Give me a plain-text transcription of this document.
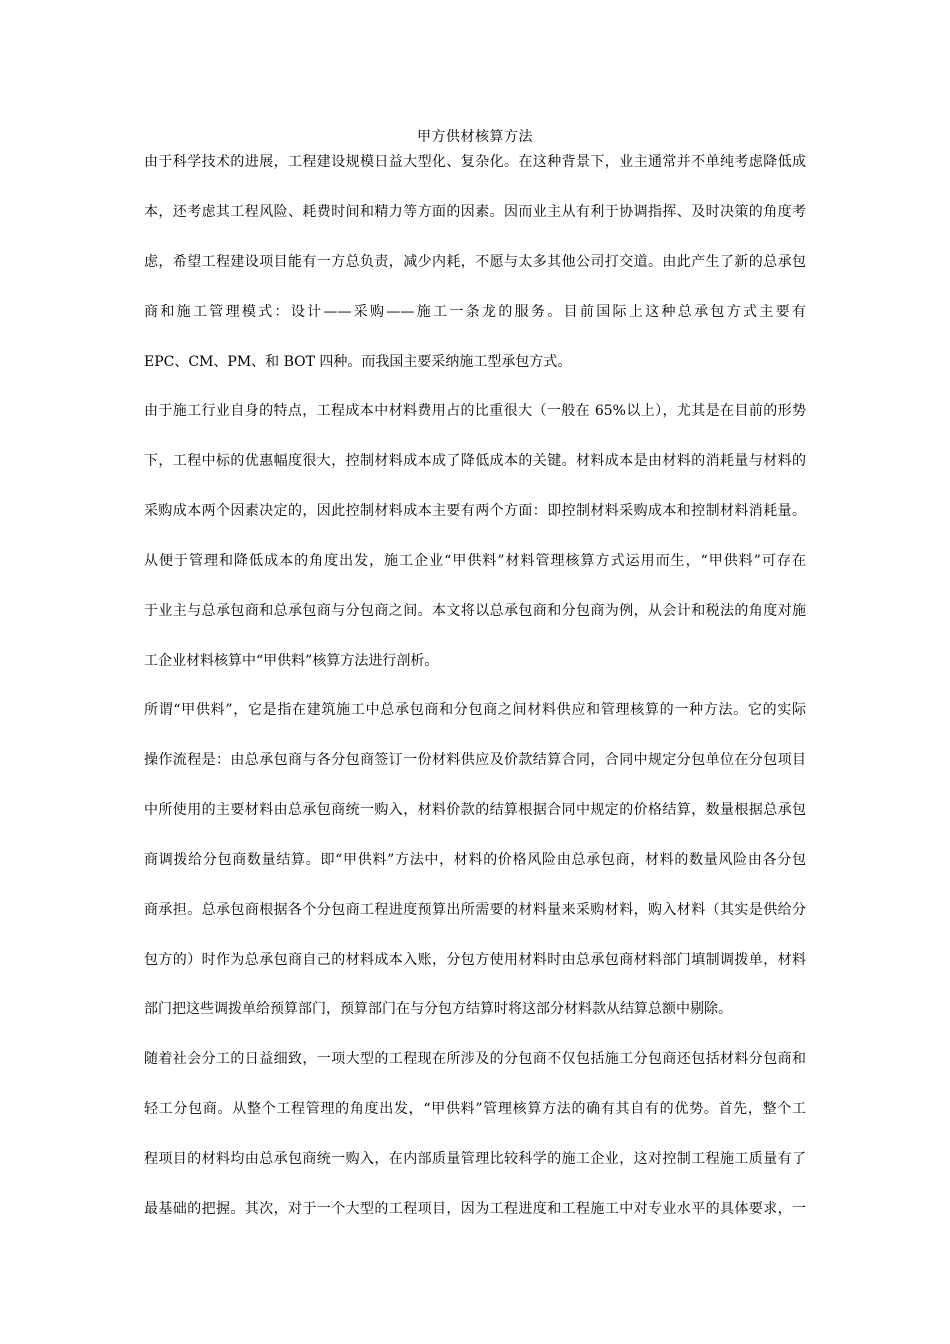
甲方供材核算方法
由于科学技术的进展，工程建设规模日益大型化、复杂化。在这种背景下，业主通常并不单纯考虑降低成
本，还考虑其工程风险、耗费时间和精力等方面的因素。因而业主从有利于协调指挥、及时决策的角度考
虑，希望工程建设项目能有一方总负责，减少内耗，不愿与太多其他公司打交道。由此产生了新的总承包
商和施工管理模式：设计——采购——施工一条龙的服务。目前国际上这种总承包方式主要有
EPC、CM、PM、和 BOT 四种。而我国主要采纳施工型承包方式。
由于施工行业自身的特点，工程成本中材料费用占的比重很大（一般在 65%以上），尤其是在目前的形势
下，工程中标的优惠幅度很大，控制材料成本成了降低成本的关键。材料成本是由材料的消耗量与材料的
采购成本两个因素决定的，因此控制材料成本主要有两个方面：即控制材料采购成本和控制材料消耗量。
从便于管理和降低成本的角度出发，施工企业“甲供料”材料管理核算方式运用而生，“甲供料”可存在
于业主与总承包商和总承包商与分包商之间。本文将以总承包商和分包商为例，从会计和税法的角度对施
工企业材料核算中“甲供料”核算方法进行剖析。
所谓“甲供料”，它是指在建筑施工中总承包商和分包商之间材料供应和管理核算的一种方法。它的实际
操作流程是：由总承包商与各分包商签订一份材料供应及价款结算合同，合同中规定分包单位在分包项目
中所使用的主要材料由总承包商统一购入，材料价款的结算根据合同中规定的价格结算，数量根据总承包
商调拨给分包商数量结算。即“甲供料”方法中，材料的价格风险由总承包商，材料的数量风险由各分包
商承担。总承包商根据各个分包商工程进度预算出所需要的材料量来采购材料，购入材料（其实是供给分
包方的）时作为总承包商自己的材料成本入账，分包方使用材料时由总承包商材料部门填制调拨单，材料
部门把这些调拨单给预算部门，预算部门在与分包方结算时将这部分材料款从结算总额中剔除。
随着社会分工的日益细致，一项大型的工程现在所涉及的分包商不仅包括施工分包商还包括材料分包商和
轻工分包商。从整个工程管理的角度出发，“甲供料”管理核算方法的确有其自有的优势。首先，整个工
程项目的材料均由总承包商统一购入，在内部质量管理比较科学的施工企业，这对控制工程施工质量有了
最基础的把握。其次，对于一个大型的工程项目，因为工程进度和工程施工中对专业水平的具体要求，一
